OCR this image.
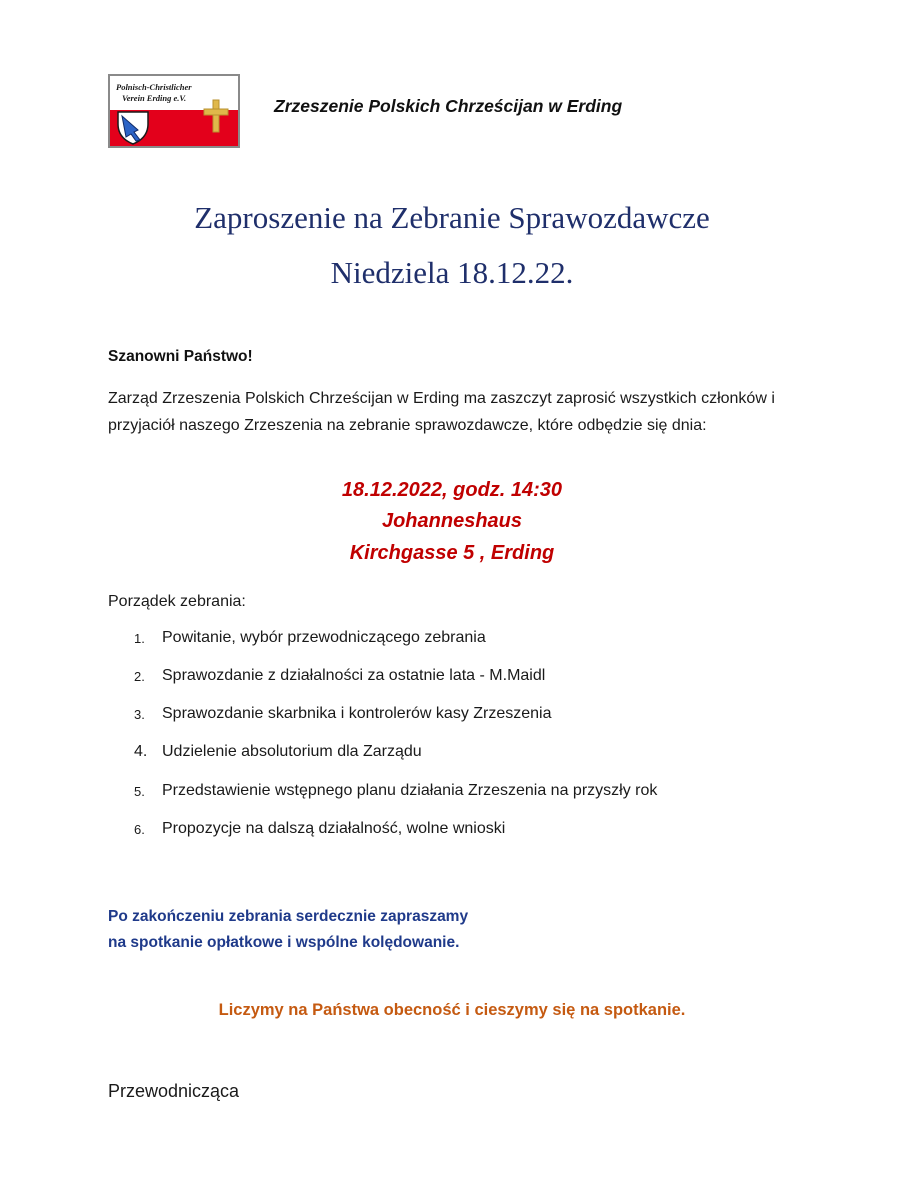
Polnisch-Christlicher
Verein Erding e.V.	Zrzeszenie Polskich Chrześcijan w Erding
Zaproszenie na Zebranie Sprawozdawcze
Niedziela 18.12.22.
Szanowni Państwo!
Zarząd Zrzeszenia Polskich Chrześcijan w Erding ma zaszczyt zaprosić wszystkich członków i przyjaciół naszego Zrzeszenia na zebranie sprawozdawcze, które odbędzie się dnia:
18.12.2022, godz. 14:30
Johanneshaus
Kirchgasse 5 , Erding
Porządek zebrania:
1. Powitanie, wybór przewodniczącego zebrania
2. Sprawozdanie z działalności za ostatnie lata - M.Maidl
3. Sprawozdanie skarbnika i kontrolerów kasy Zrzeszenia
4. Udzielenie absolutorium dla Zarządu
5. Przedstawienie wstępnego planu działania Zrzeszenia na przyszły rok
6. Propozycje na dalszą działalność, wolne wnioski
Po zakończeniu zebrania serdecznie zapraszamy
na spotkanie opłatkowe i wspólne kolędowanie.
Liczymy na Państwa obecność i cieszymy się na spotkanie.
Przewodnicząca
